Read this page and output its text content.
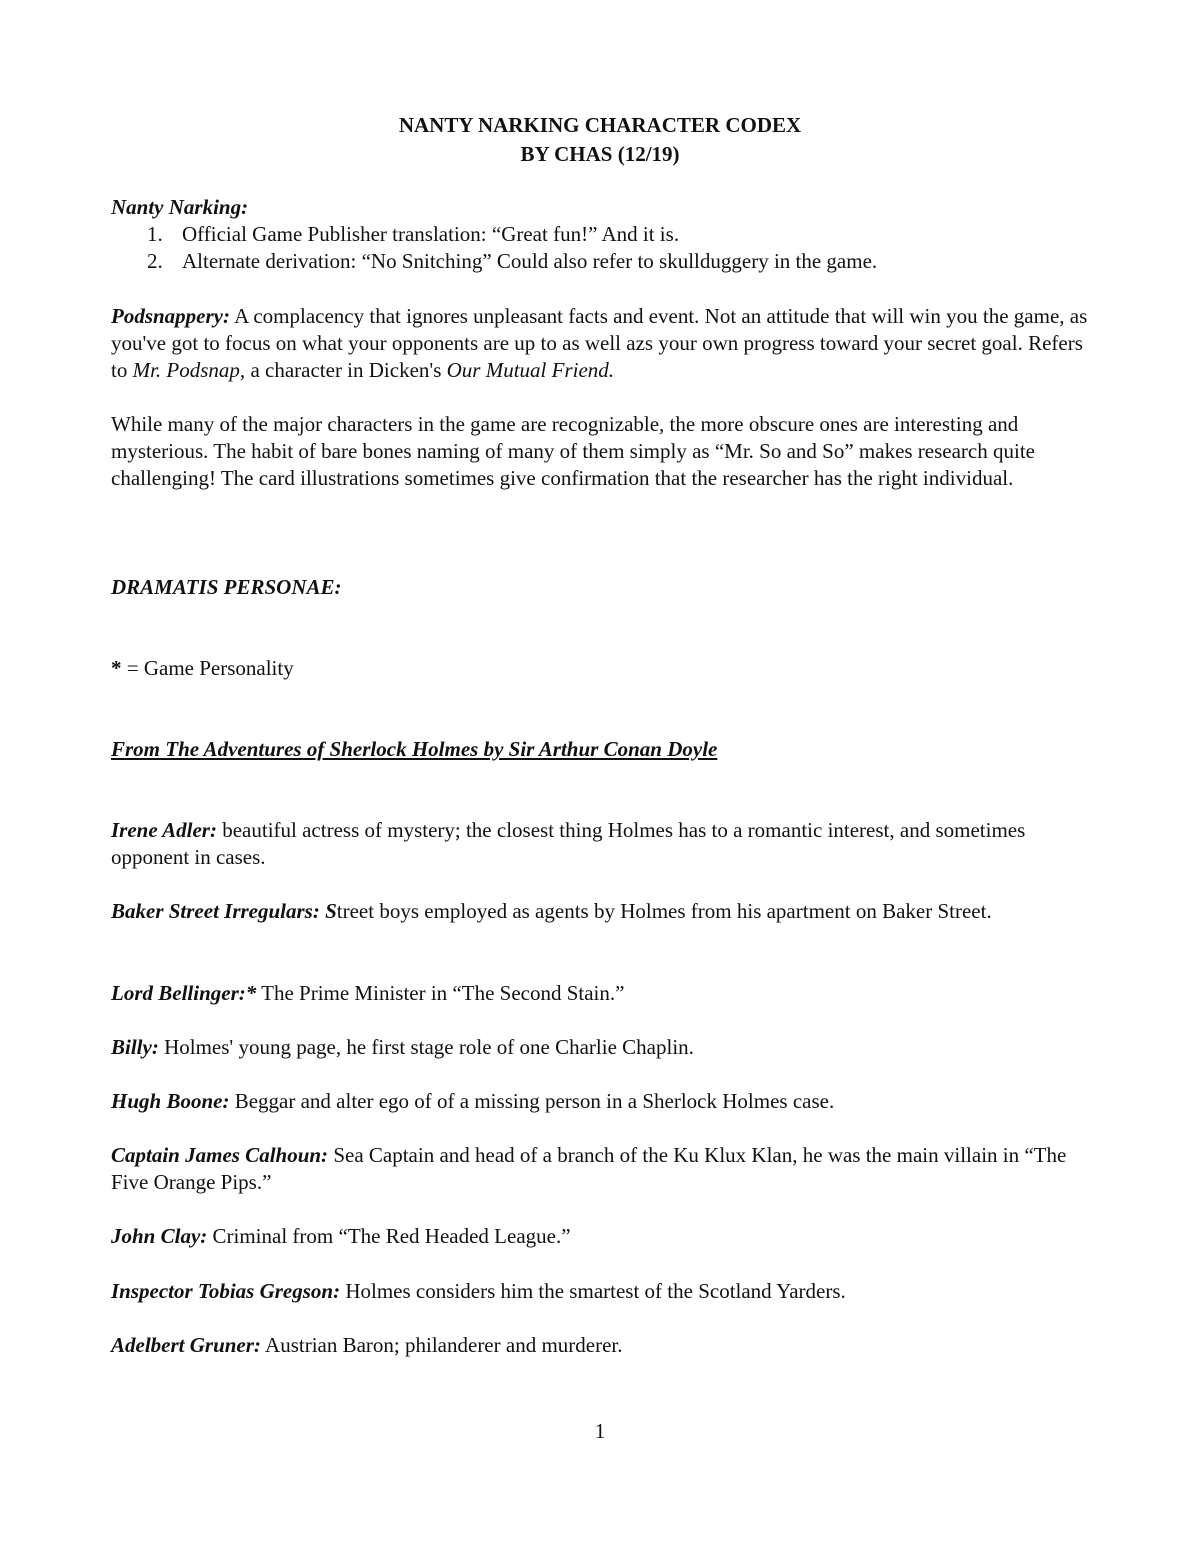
NANTY NARKING CHARACTER CODEX
BY CHAS (12/19)
Nanty Narking:
1. Official Game Publisher translation: “Great fun!” And it is.
2. Alternate derivation: “No Snitching” Could also refer to skullduggery in the game.
Podsnappery: A complacency that ignores unpleasant facts and event. Not an attitude that will win you the game, as you've got to focus on what your opponents are up to as well azs your own progress toward your secret goal. Refers to Mr. Podsnap, a character in Dicken's Our Mutual Friend.
While many of the major characters in the game are recognizable, the more obscure ones are interesting and mysterious. The habit of bare bones naming of many of them simply as “Mr. So and So” makes research quite challenging! The card illustrations sometimes give confirmation that the researcher has the right individual.
DRAMATIS PERSONAE:
* = Game Personality
From The Adventures of Sherlock Holmes by Sir Arthur Conan Doyle
Irene Adler: beautiful actress of mystery; the closest thing Holmes has to a romantic interest, and sometimes opponent in cases.
Baker Street Irregulars: Street boys employed as agents by Holmes from his apartment on Baker Street.
Lord Bellinger:* The Prime Minister in “The Second Stain.”
Billy: Holmes' young page, he first stage role of one Charlie Chaplin.
Hugh Boone: Beggar and alter ego of of a missing person in a Sherlock Holmes case.
Captain James Calhoun: Sea Captain and head of a branch of the Ku Klux Klan, he was the main villain in “The Five Orange Pips.”
John Clay: Criminal from “The Red Headed League.”
Inspector Tobias Gregson: Holmes considers him the smartest of the Scotland Yarders.
Adelbert Gruner: Austrian Baron; philanderer and murderer.
1
